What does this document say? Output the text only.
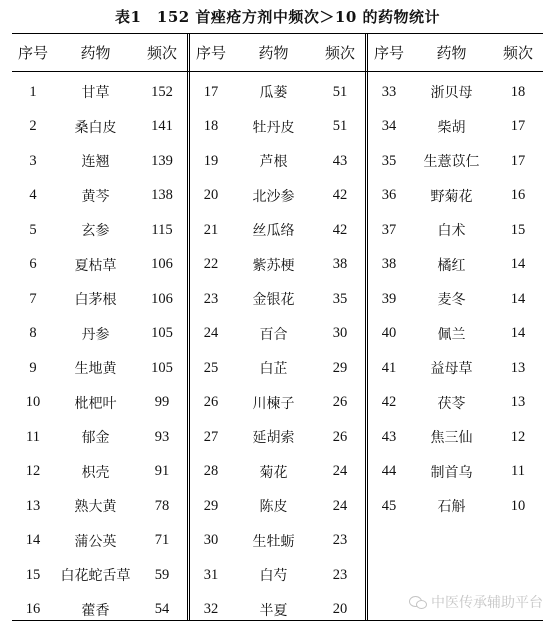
表1　152 首痤疮方剂中频次＞10 的药物统计
序号	药物	频次
1	甘草	152
2	桑白皮	141
3	连翘	139
4	黄芩	138
5	玄参	115
6	夏枯草	106
7	白茅根	106
8	丹参	105
9	生地黄	105
10	枇杷叶	99
11	郁金	93
12	枳壳	91
13	熟大黄	78
14	蒲公英	71
15	白花蛇舌草	59
16	藿香	54
序号	药物	频次
17	瓜蒌	51
18	牡丹皮	51
19	芦根	43
20	北沙参	42
21	丝瓜络	42
22	紫苏梗	38
23	金银花	35
24	百合	30
25	白芷	29
26	川楝子	26
27	延胡索	26
28	菊花	24
29	陈皮	24
30	生牡蛎	23
31	白芍	23
32	半夏	20
序号	药物	频次
33	浙贝母	18
34	柴胡	17
35	生薏苡仁	17
36	野菊花	16
37	白术	15
38	橘红	14
39	麦冬	14
40	佩兰	14
41	益母草	13
42	茯苓	13
43	焦三仙	12
44	制首乌	11
45	石斛	10
中医传承辅助平台
